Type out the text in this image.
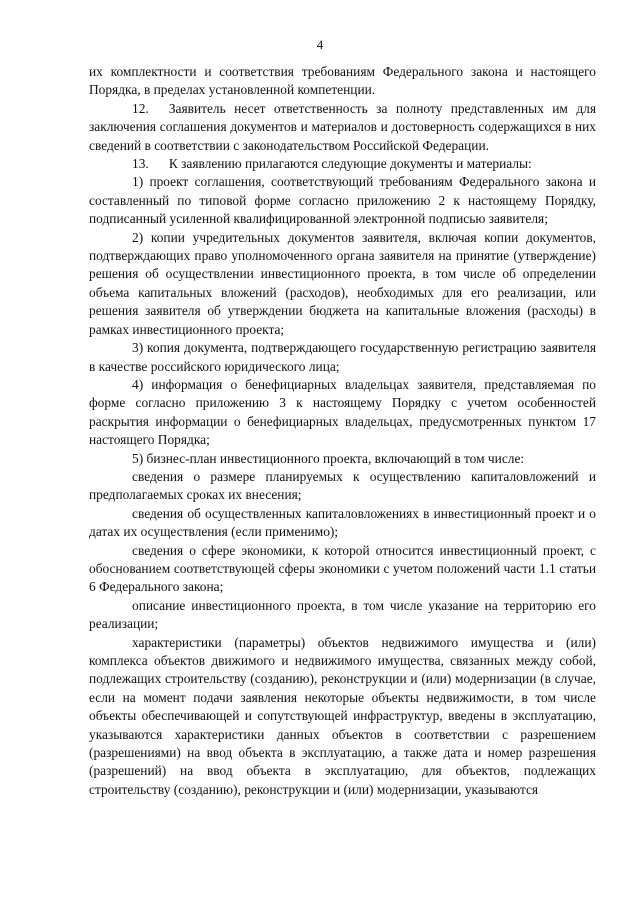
4

их комплектности и соответствия требованиям Федерального закона и настоящего Порядка, в пределах установленной компетенции.

12.  Заявитель несет ответственность за полноту представленных им для заключения соглашения документов и материалов и достоверность содержащихся в них сведений в соответствии с законодательством Российской Федерации.

13.  К заявлению прилагаются следующие документы и материалы:

1) проект соглашения, соответствующий требованиям Федерального закона и составленный по типовой форме согласно приложению 2 к настоящему Порядку, подписанный усиленной квалифицированной электронной подписью заявителя;

2) копии учредительных документов заявителя, включая копии документов, подтверждающих право уполномоченного органа заявителя на принятие (утверждение) решения об осуществлении инвестиционного проекта, в том числе об определении объема капитальных вложений (расходов), необходимых для его реализации, или решения заявителя об утверждении бюджета на капитальные вложения (расходы) в рамках инвестиционного проекта;

3) копия документа, подтверждающего государственную регистрацию заявителя в качестве российского юридического лица;

4) информация о бенефициарных владельцах заявителя, представляемая по форме согласно приложению 3 к настоящему Порядку с учетом особенностей раскрытия информации о бенефициарных владельцах, предусмотренных пунктом 17 настоящего Порядка;

5) бизнес-план инвестиционного проекта, включающий в том числе:

сведения о размере планируемых к осуществлению капиталовложений и предполагаемых сроках их внесения;

сведения об осуществленных капиталовложениях в инвестиционный проект и о датах их осуществления (если применимо);

сведения о сфере экономики, к которой относится инвестиционный проект, с обоснованием соответствующей сферы экономики с учетом положений части 1.1 статьи 6 Федерального закона;

описание инвестиционного проекта, в том числе указание на территорию его реализации;

характеристики (параметры) объектов недвижимого имущества и (или) комплекса объектов движимого и недвижимого имущества, связанных между собой, подлежащих строительству (созданию), реконструкции и (или) модернизации (в случае, если на момент подачи заявления некоторые объекты недвижимости, в том числе объекты обеспечивающей и сопутствующей инфраструктур, введены в эксплуатацию, указываются характеристики данных объектов в соответствии с разрешением (разрешениями) на ввод объекта в эксплуатацию, а также дата и номер разрешения (разрешений) на ввод объекта в эксплуатацию, для объектов, подлежащих строительству (созданию), реконструкции и (или) модернизации, указываются
